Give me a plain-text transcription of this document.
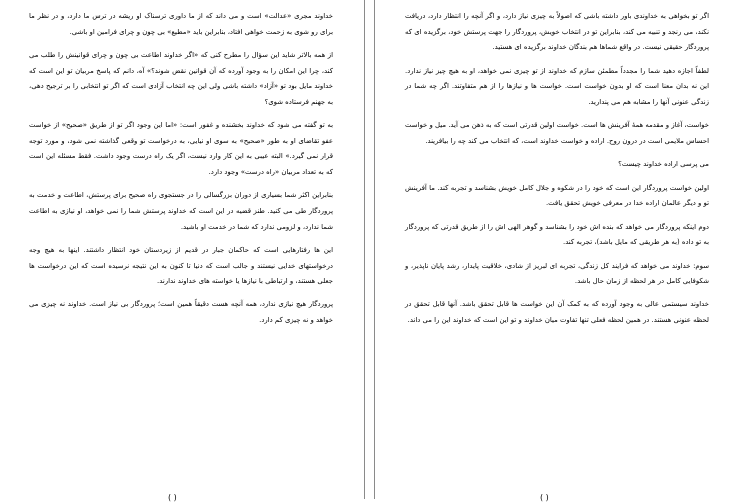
خداوند مجری «عدالت» است و می داند که از ما داوری ترسناک او ریشه در ترس ما دارد، و در نظر ما برای رو شوی به زحمت خواهی افتاد، بنابراین باید «مطیع» بی چون و چرای فرامین او باشی.

از همه بالاتر شاید این سؤال را مطرح کنی که «اگر خداوند اطاعت بی چون و چرای قوانینش را طلب می کند، چرا این امکان را به وجود آورده که آن قوانین نقض شوند؟» آه، دانم که پاسخ مربیان تو این است که خداوند مایل بود تو «آزاد» داشته باشی ولی این چه انتخاب آزادی است که اگر تو انتخابی را بر ترجیح دهی، به جهنم فرستاده شوی؟

به تو گفته می شود که خداوند بخشنده و غفور است: «اما این وجود اگر تو از طریق «صحیح» از خواست عفو تقاضای او به طور «صحیح» به سوی او نیایی، به درخواست تو وقعی گذاشته نمی شود، و مورد توجه قرار نمی گیرد.» البته عیبی به این کار وارد نیست، اگر یک راه درست وجود داشت. فقط مسئله این است که به تعداد مربیان «راه درست» وجود دارد.

بنابراین اکثر شما بسیاری از دوران بزرگسالی را در جستجوی راه صحیح برای پرستش، اطاعت و خدمت به پروردگار طی می کنید. طنز قضیه در این است که خداوند پرستش شما را نمی خواهد، او نیازی به اطاعت شما ندارد، و لزومی ندارد که شما در خدمت او باشید.

این ها رفتارهایی است که حاکمان جبار در قدیم از زیردستان خود انتظار داشتند. اینها به هیچ وجه درخواستهای خدایی نیستند و جالب است که دنیا تا کنون به این نتیجه نرسیده است که این درخواست ها جعلی هستند، و ارتباطی با نیازها یا خواسته های خداوند ندارند.

پروردگار هیچ نیازی ندارد، همه آنچه هست دقیقاً همین است؛ پروردگار بی نیاز است. خداوند نه چیزی می خواهد و نه چیزی کم دارد.

( )

اگر تو بخواهی به خداوندی باور داشته باشی که اصولاً به چیزی نیاز دارد، و اگر آنچه را انتظار دارد، دریافت نکند، می رنجد و تنبیه می کند، بنابراین تو در انتخاب خویش، پروردگار را جهت پرستش خود، برگزیده ای که پروردگار حقیقی نیست. در واقع شماها هم بندگان خداوند برگزیده ای هستید.

لطفاً اجازه دهید شما را مجدداً مطمئن سازم که خداوند از تو چیزی نمی خواهد، او به هیچ چیز نیاز ندارد. این نه بدان معنا است که او بدون خواست است. خواست ها و نیازها را از هم متفاوتند. اگر چه شما در زندگی عنونی آنها را مشابه هم می پندارید.

خواست، آغاز و مقدمه همهٔ آفرینش ها است. خواست اولین قدرتی است که به ذهن می آید. میل و خواست احساس ملایمی است در درون روح. اراده و خواست خداوند است، که انتخاب می کند چه را بیافریند.

می پرسی اراده خداوند چیست؟

اولین خواست پروردگار این است که خود را در شکوه و جلال کامل خویش بشناسد و تجربه کند. ما آفرینش تو و دیگر عالمان اراده خدا در معرفی خویش تحقق یافت.

دوم اینکه پروردگار می خواهد که بنده اش خود را بشناسد و گوهر الهی اش را از طریق قدرتی که پروردگار به تو داده (به هر طریقی که مایل باشد)، تجربه کند.

سوم: خداوند می خواهد که فرایند کل زندگی، تجربه ای لبریز از شادی، خلاقیت پایدار، رشد پایان ناپذیر، و شکوفایی کامل در هر لحظه از زمان حال باشد.

خداوند سیستمی عالی به وجود آورده که به کمک آن این خواست ها قابل تحقق باشد. آنها قابل تحقق در لحظه عنونی هستند. در همین لحظه فعلی تنها تفاوت میان خداوند و تو این است که خداوند این را می داند.

( )
